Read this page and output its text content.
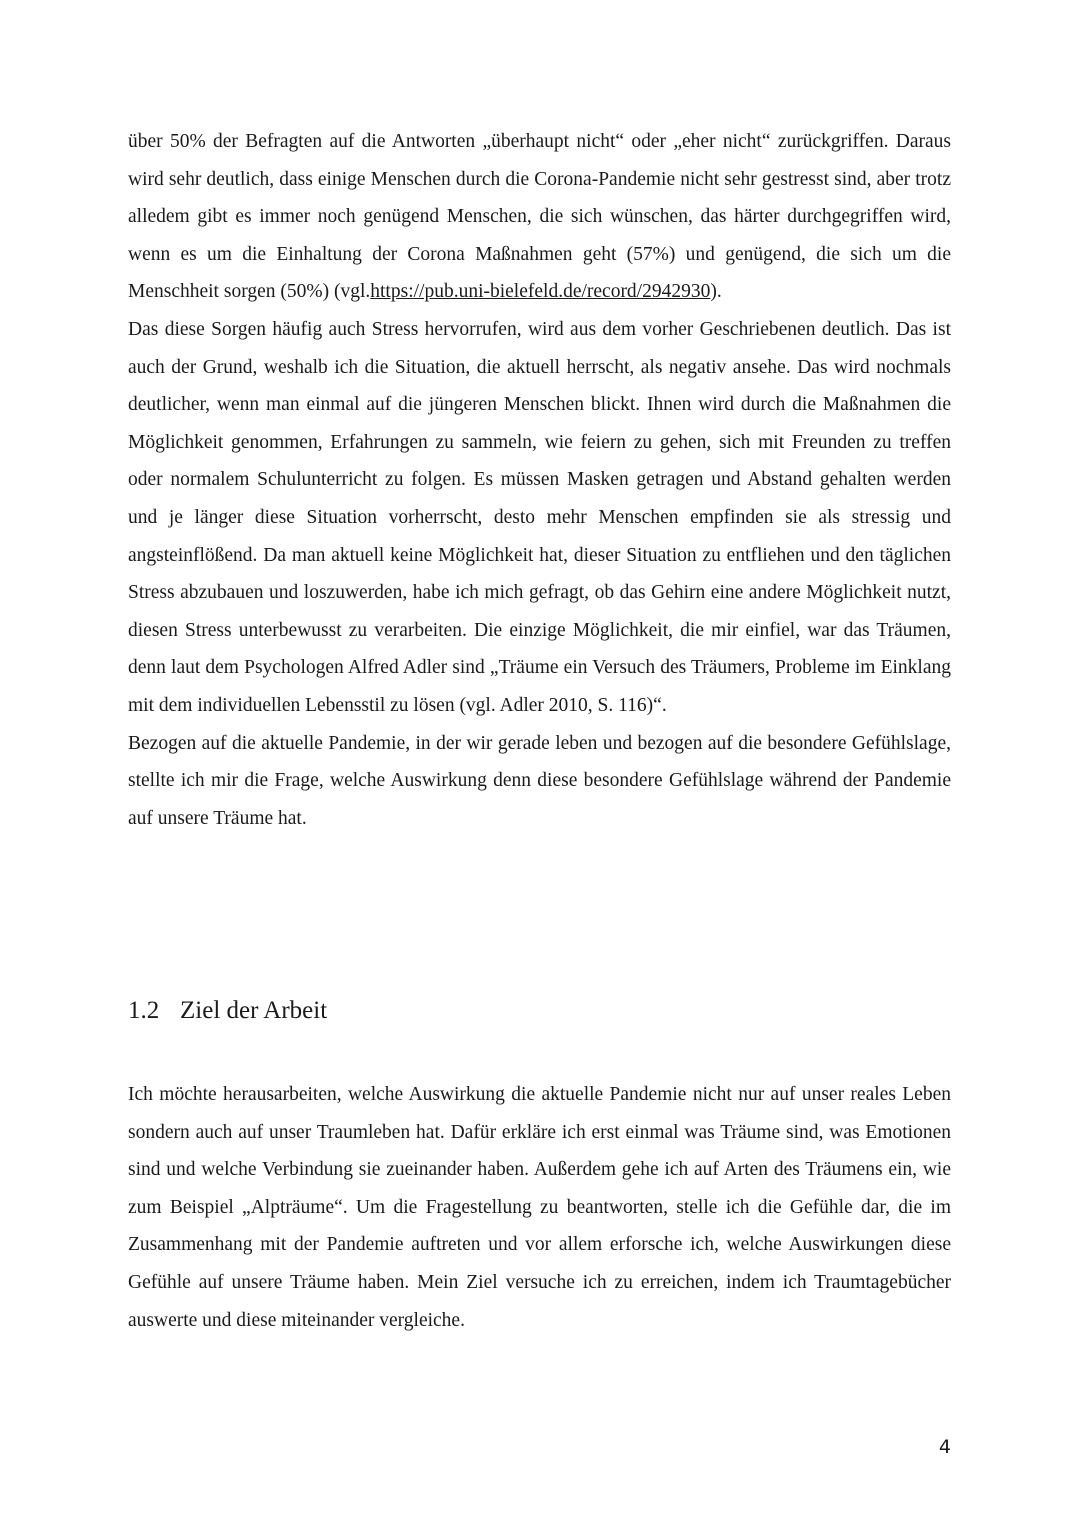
über 50% der Befragten auf die Antworten „überhaupt nicht“ oder „eher nicht“ zurückgriffen. Daraus wird sehr deutlich, dass einige Menschen durch die Corona-Pandemie nicht sehr gestresst sind, aber trotz alledem gibt es immer noch genügend Menschen, die sich wünschen, das härter durchgegriffen wird, wenn es um die Einhaltung der Corona Maßnahmen geht (57%) und genügend, die sich um die Menschheit sorgen (50%) (vgl.https://pub.uni-bielefeld.de/record/2942930).

Das diese Sorgen häufig auch Stress hervorrufen, wird aus dem vorher Geschriebenen deutlich. Das ist auch der Grund, weshalb ich die Situation, die aktuell herrscht, als negativ ansehe. Das wird nochmals deutlicher, wenn man einmal auf die jüngeren Menschen blickt. Ihnen wird durch die Maßnahmen die Möglichkeit genommen, Erfahrungen zu sammeln, wie feiern zu gehen, sich mit Freunden zu treffen oder normalem Schulunterricht zu folgen. Es müssen Masken getragen und Abstand gehalten werden und je länger diese Situation vorherrscht, desto mehr Menschen empfinden sie als stressig und angsteinflößend. Da man aktuell keine Möglichkeit hat, dieser Situation zu entfliehen und den täglichen Stress abzubauen und loszuwerden, habe ich mich gefragt, ob das Gehirn eine andere Möglichkeit nutzt, diesen Stress unterbewusst zu verarbeiten. Die einzige Möglichkeit, die mir einfiel, war das Träumen, denn laut dem Psychologen Alfred Adler sind „Träume ein Versuch des Träumers, Probleme im Einklang mit dem individuellen Lebensstil zu lösen (vgl. Adler 2010, S. 116)“.

Bezogen auf die aktuelle Pandemie, in der wir gerade leben und bezogen auf die besondere Gefühlslage, stellte ich mir die Frage, welche Auswirkung denn diese besondere Gefühlslage während der Pandemie auf unsere Träume hat.

1.2 Ziel der Arbeit

Ich möchte herausarbeiten, welche Auswirkung die aktuelle Pandemie nicht nur auf unser reales Leben sondern auch auf unser Traumleben hat. Dafür erkläre ich erst einmal was Träume sind, was Emotionen sind und welche Verbindung sie zueinander haben. Außerdem gehe ich auf Arten des Träumens ein, wie zum Beispiel „Alpträume“. Um die Fragestellung zu beantworten, stelle ich die Gefühle dar, die im Zusammenhang mit der Pandemie auftreten und vor allem erforsche ich, welche Auswirkungen diese Gefühle auf unsere Träume haben. Mein Ziel versuche ich zu erreichen, indem ich Traumtagebücher auswerte und diese miteinander vergleiche.

4
